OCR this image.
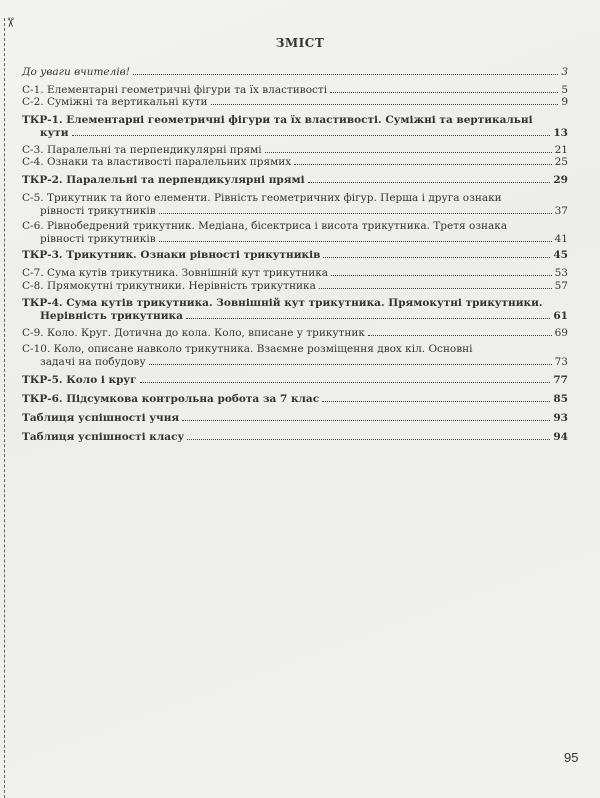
✂
ЗМІСТ
До уваги вчителів!	3
С-1. Елементарні геометричні фігури та їх властивості	5
С-2. Суміжні та вертикальні кути	9
ТКР-1. Елементарні геометричні фігури та їх властивості. Суміжні та вертикальні
кути	13
С-3. Паралельні та перпендикулярні прямі	21
С-4. Ознаки та властивості паралельних прямих	25
ТКР-2. Паралельні та перпендикулярні прямі	29
С-5. Трикутник та його елементи. Рівність геометричних фігур. Перша і друга ознаки
рівності трикутників	37
С-6. Рівнобедрений трикутник. Медіана, бісектриса і висота трикутника. Третя ознака
рівності трикутників	41
ТКР-3. Трикутник. Ознаки рівності трикутників	45
С-7. Сума кутів трикутника. Зовнішній кут трикутника	53
С-8. Прямокутні трикутники. Нерівність трикутника	57
ТКР-4. Сума кутів трикутника. Зовнішній кут трикутника. Прямокутні трикутники.
Нерівність трикутника	61
С-9. Коло. Круг. Дотична до кола. Коло, вписане у трикутник	69
С-10. Коло, описане навколо трикутника. Взаємне розміщення двох кіл. Основні
задачі на побудову	73
ТКР-5. Коло і круг	77
ТКР-6. Підсумкова контрольна робота за 7 клас	85
Таблиця успішності учня	93
Таблиця успішності класу	94
95
